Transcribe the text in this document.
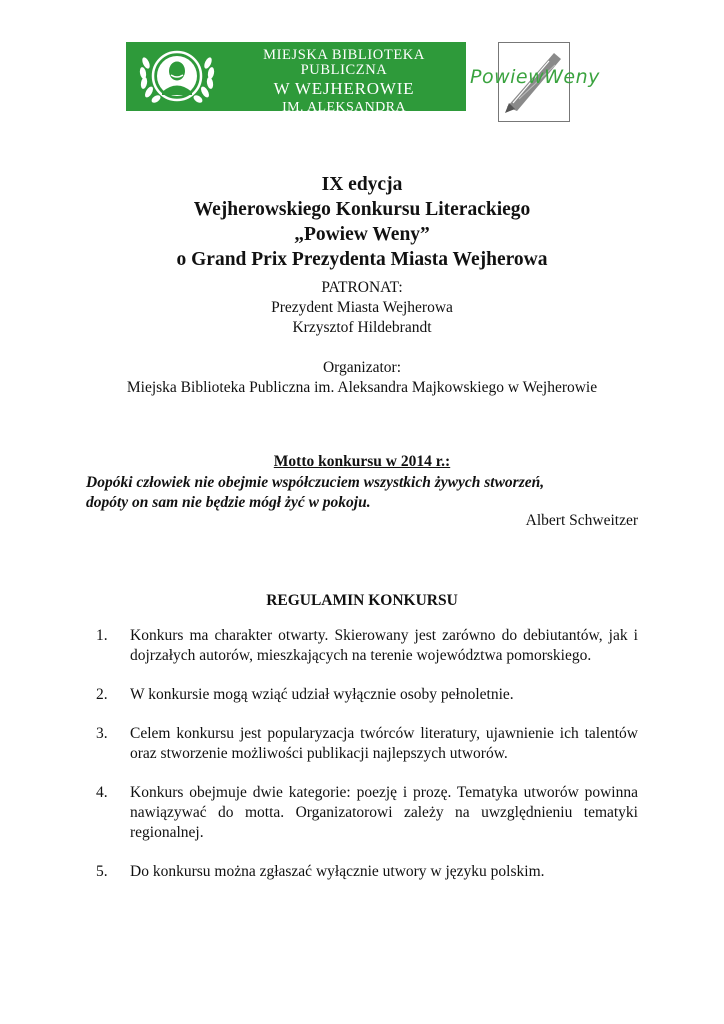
MIEJSKA BIBLIOTEKA PUBLICZNA
W WEJHEROWIE
IM. ALEKSANDRA MAJKOWSKIEGO
PowiewWeny
IX edycja
Wejherowskiego Konkursu Literackiego
„Powiew Weny”
o Grand Prix Prezydenta Miasta Wejherowa
PATRONAT:
Prezydent Miasta Wejherowa
Krzysztof Hildebrandt
Organizator:
Miejska Biblioteka Publiczna im. Aleksandra Majkowskiego w Wejherowie
Motto konkursu w 2014 r.:
Dopóki człowiek nie obejmie współczuciem wszystkich żywych stworzeń,
dopóty on sam nie będzie mógł żyć w pokoju.
Albert Schweitzer
REGULAMIN KONKURSU
1.	Konkurs ma charakter otwarty. Skierowany jest zarówno do debiutantów, jak i dojrzałych autorów, mieszkających na terenie województwa pomorskiego.
2.	W konkursie mogą wziąć udział wyłącznie osoby pełnoletnie.
3.	Celem konkursu jest popularyzacja twórców literatury, ujawnienie ich talentów oraz stworzenie możliwości publikacji najlepszych utworów.
4.	Konkurs obejmuje dwie kategorie: poezję i prozę. Tematyka utworów powinna nawiązywać do motta. Organizatorowi zależy na uwzględnieniu tematyki regionalnej.
5.	Do konkursu można zgłaszać wyłącznie utwory w języku polskim.
